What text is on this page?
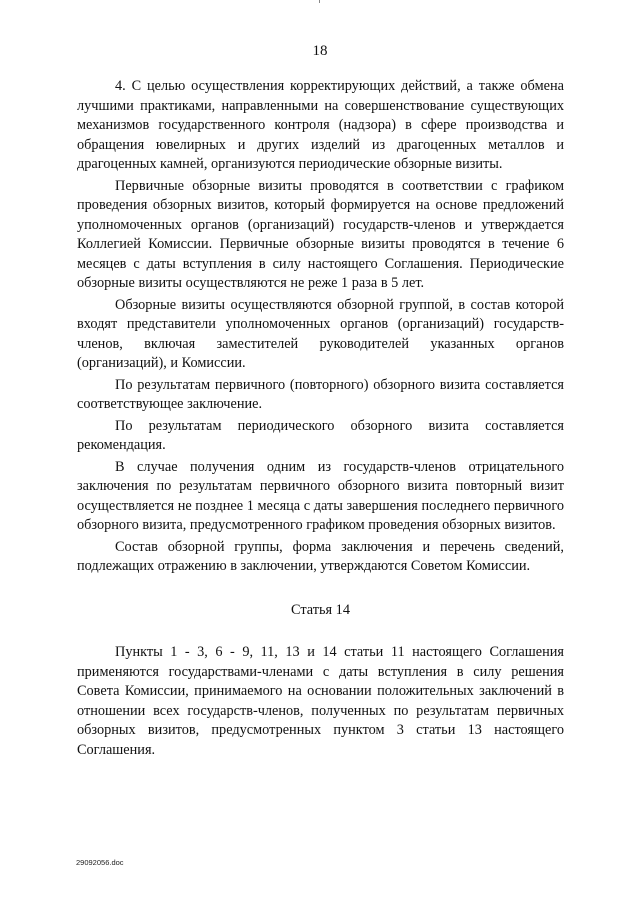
18

4. С целью осуществления корректирующих действий, а также обмена лучшими практиками, направленными на совершенствование существующих механизмов государственного контроля (надзора) в сфере производства и обращения ювелирных и других изделий из драгоценных металлов и драгоценных камней, организуются периодические обзорные визиты.

Первичные обзорные визиты проводятся в соответствии с графиком проведения обзорных визитов, который формируется на основе предложений уполномоченных органов (организаций) государств-членов и утверждается Коллегией Комиссии. Первичные обзорные визиты проводятся в течение 6 месяцев с даты вступления в силу настоящего Соглашения. Периодические обзорные визиты осуществляются не реже 1 раза в 5 лет.

Обзорные визиты осуществляются обзорной группой, в состав которой входят представители уполномоченных органов (организаций) государств-членов, включая заместителей руководителей указанных органов (организаций), и Комиссии.

По результатам первичного (повторного) обзорного визита составляется соответствующее заключение.

По результатам периодического обзорного визита составляется рекомендация.

В случае получения одним из государств-членов отрицательного заключения по результатам первичного обзорного визита повторный визит осуществляется не позднее 1 месяца с даты завершения последнего первичного обзорного визита, предусмотренного графиком проведения обзорных визитов.

Состав обзорной группы, форма заключения и перечень сведений, подлежащих отражению в заключении, утверждаются Советом Комиссии.

Статья 14

Пункты 1 - 3, 6 - 9, 11, 13 и 14 статьи 11 настоящего Соглашения применяются государствами-членами с даты вступления в силу решения Совета Комиссии, принимаемого на основании положительных заключений в отношении всех государств-членов, полученных по результатам первичных обзорных визитов, предусмотренных пунктом 3 статьи 13 настоящего Соглашения.

29092056.doc
